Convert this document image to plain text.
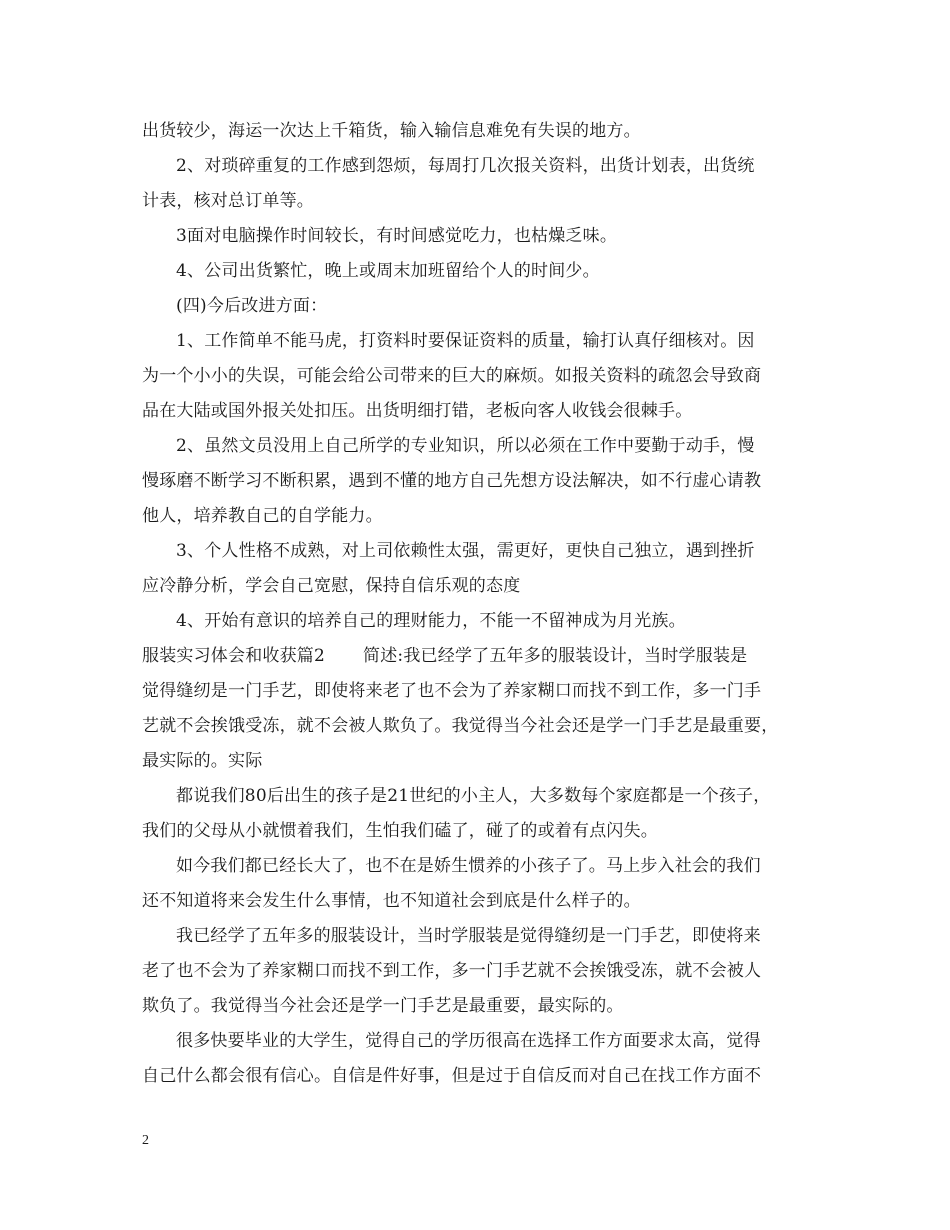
出货较少，海运一次达上千箱货，输入输信息难免有失误的地方。
2、对琐碎重复的工作感到怨烦，每周打几次报关资料，出货计划表，出货统
计表，核对总订单等。
3面对电脑操作时间较长，有时间感觉吃力，也枯燥乏味。
4、公司出货繁忙，晚上或周末加班留给个人的时间少。
(四)今后改进方面：
1、工作简单不能马虎，打资料时要保证资料的质量，输打认真仔细核对。因
为一个小小的失误，可能会给公司带来的巨大的麻烦。如报关资料的疏忽会导致商
品在大陆或国外报关处扣压。出货明细打错，老板向客人收钱会很棘手。
2、虽然文员没用上自己所学的专业知识，所以必须在工作中要勤于动手，慢
慢琢磨不断学习不断积累，遇到不懂的地方自己先想方设法解决，如不行虚心请教
他人，培养教自己的自学能力。
3、个人性格不成熟，对上司依赖性太强，需更好，更快自己独立，遇到挫折
应冷静分析，学会自己宽慰，保持自信乐观的态度
4、开始有意识的培养自己的理财能力，不能一不留神成为月光族。
服装实习体会和收获篇2 简述:我已经学了五年多的服装设计，当时学服装是
觉得缝纫是一门手艺，即使将来老了也不会为了养家糊口而找不到工作，多一门手
艺就不会挨饿受冻，就不会被人欺负了。我觉得当今社会还是学一门手艺是最重要，
最实际的。实际
都说我们80后出生的孩子是21世纪的小主人，大多数每个家庭都是一个孩子，
我们的父母从小就惯着我们，生怕我们磕了，碰了的或着有点闪失。
如今我们都已经长大了，也不在是娇生惯养的小孩子了。马上步入社会的我们
还不知道将来会发生什么事情，也不知道社会到底是什么样子的。
我已经学了五年多的服装设计，当时学服装是觉得缝纫是一门手艺，即使将来
老了也不会为了养家糊口而找不到工作，多一门手艺就不会挨饿受冻，就不会被人
欺负了。我觉得当今社会还是学一门手艺是最重要，最实际的。
很多快要毕业的大学生，觉得自己的学历很高在选择工作方面要求太高，觉得
自己什么都会很有信心。自信是件好事，但是过于自信反而对自己在找工作方面不
2
